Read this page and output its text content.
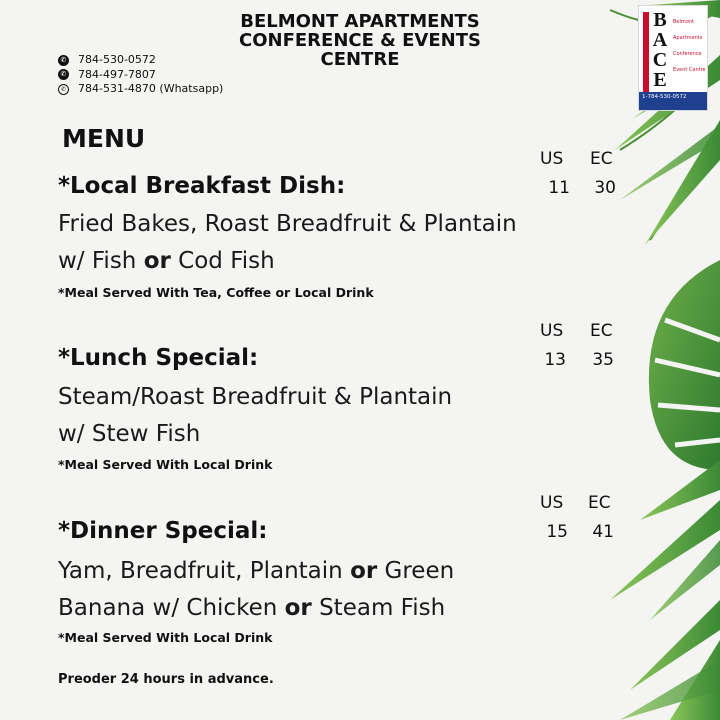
BELMONT APARTMENTS
CONFERENCE & EVENTS
CENTRE
✆ 784-530-0572
✆ 784-497-7807
✆ 784-531-4870 (Whatsapp)
B
A
C
E
Belmont
Apartments
Conference
Event Centre
1-784-530-0572
MENU
US EC
11	30
*Local Breakfast Dish:
Fried Bakes, Roast Breadfruit & Plantain
w/ Fish or Cod Fish
*Meal Served With Tea, Coffee or Local Drink
US EC
13	35
*Lunch Special:
Steam/Roast Breadfruit & Plantain
w/ Stew Fish
*Meal Served With Local Drink
US EC
15	41
*Dinner Special:
Yam, Breadfruit, Plantain or Green
Banana w/ Chicken or Steam Fish
*Meal Served With Local Drink
Preoder 24 hours in advance.
